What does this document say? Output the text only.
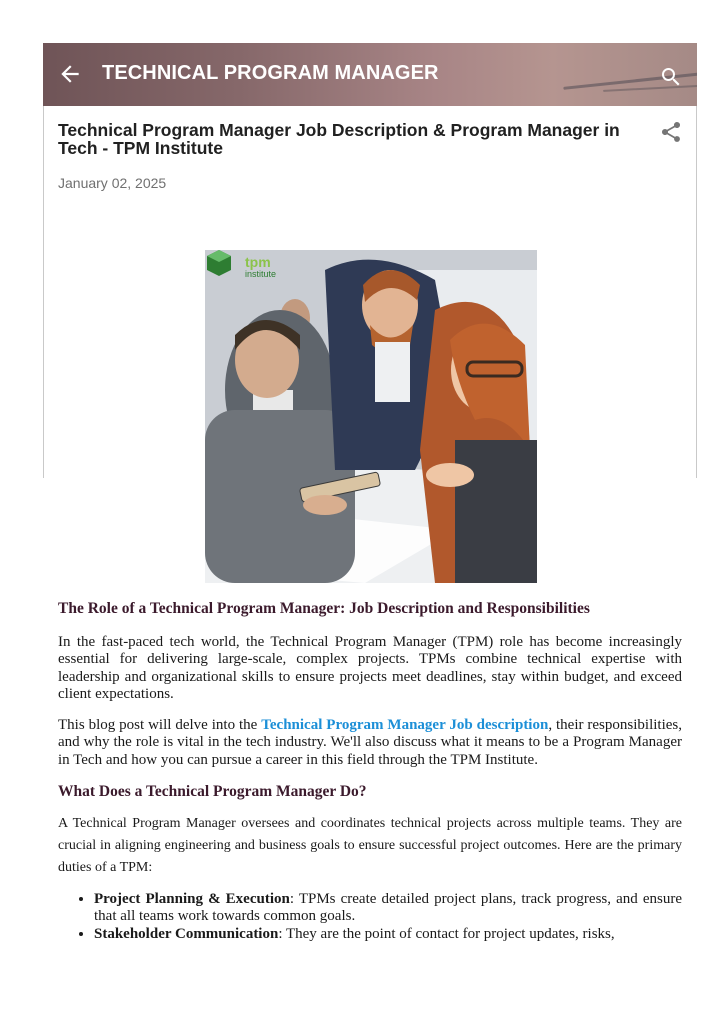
TECHNICAL PROGRAM MANAGER
Technical Program Manager Job Description & Program Manager in Tech - TPM Institute
January 02, 2025
tpm
institute
The Role of a Technical Program Manager: Job Description and Responsibilities

In the fast-paced tech world, the Technical Program Manager (TPM) role has become increasingly essential for delivering large-scale, complex projects. TPMs combine technical expertise with leadership and organizational skills to ensure projects meet deadlines, stay within budget, and exceed client expectations.

This blog post will delve into the Technical Program Manager Job description, their responsibilities, and why the role is vital in the tech industry. We'll also discuss what it means to be a Program Manager in Tech and how you can pursue a career in this field through the TPM Institute.

What Does a Technical Program Manager Do?

A Technical Program Manager oversees and coordinates technical projects across multiple teams. They are crucial in aligning engineering and business goals to ensure successful project outcomes. Here are the primary duties of a TPM:

• Project Planning & Execution: TPMs create detailed project plans, track progress, and ensure that all teams work towards common goals.
• Stakeholder Communication: They are the point of contact for project updates, risks,
